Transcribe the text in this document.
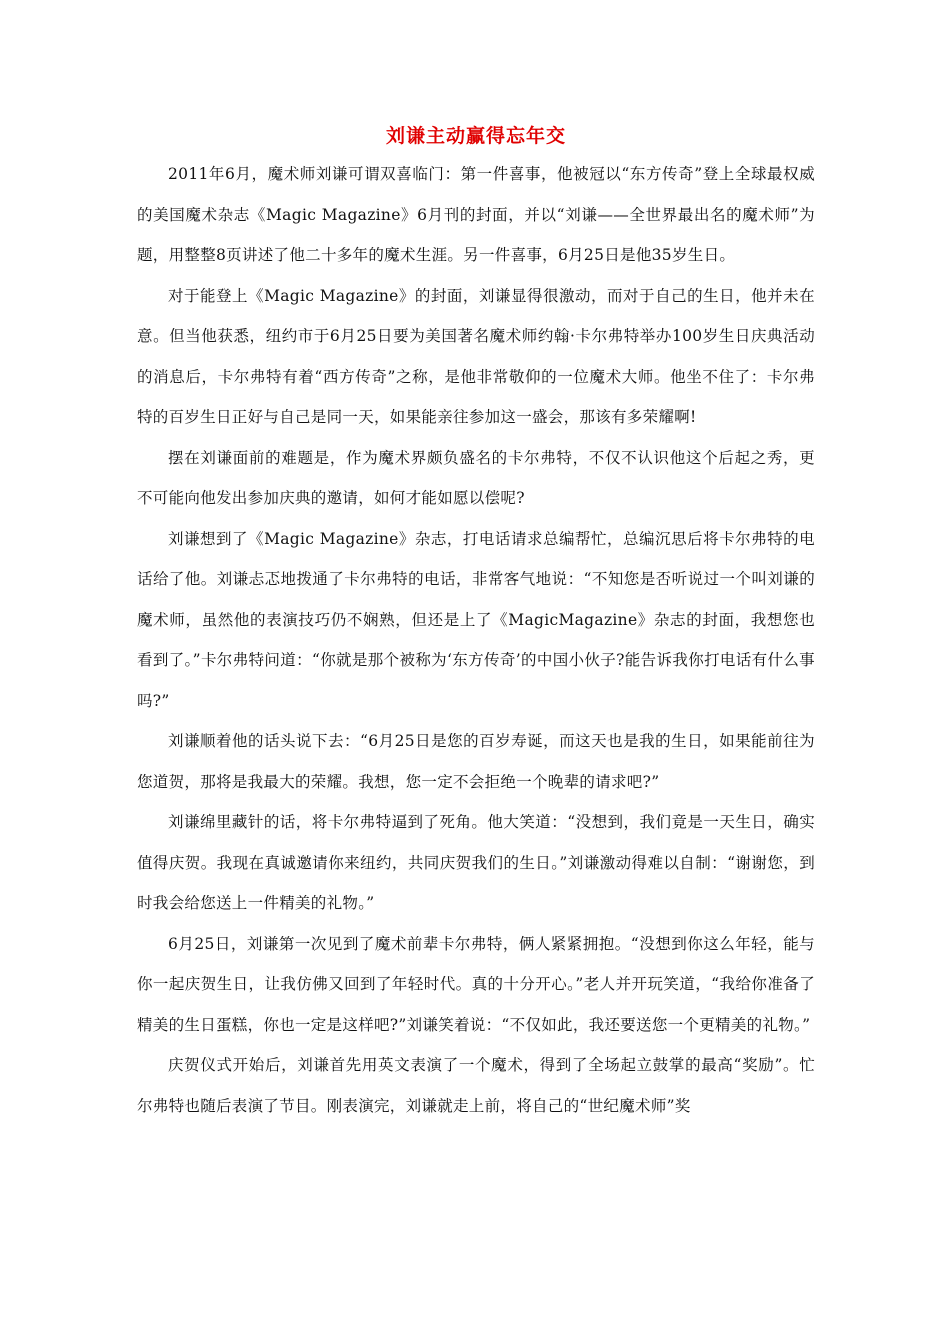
刘谦主动赢得忘年交

2011年6月，魔术师刘谦可谓双喜临门：第一件喜事，他被冠以“东方传奇”登上全球最权威的美国魔术杂志《Magic Magazine》6月刊的封面，并以“刘谦——全世界最出名的魔术师”为题，用整整8页讲述了他二十多年的魔术生涯。另一件喜事，6月25日是他35岁生日。

对于能登上《Magic Magazine》的封面，刘谦显得很激动，而对于自己的生日，他并未在意。但当他获悉，纽约市于6月25日要为美国著名魔术师约翰·卡尔弗特举办100岁生日庆典活动的消息后，卡尔弗特有着“西方传奇”之称，是他非常敬仰的一位魔术大师。他坐不住了：卡尔弗特的百岁生日正好与自己是同一天，如果能亲往参加这一盛会，那该有多荣耀啊!

摆在刘谦面前的难题是，作为魔术界颇负盛名的卡尔弗特，不仅不认识他这个后起之秀，更不可能向他发出参加庆典的邀请，如何才能如愿以偿呢?

刘谦想到了《Magic Magazine》杂志，打电话请求总编帮忙，总编沉思后将卡尔弗特的电话给了他。刘谦忐忑地拨通了卡尔弗特的电话，非常客气地说：“不知您是否听说过一个叫刘谦的魔术师，虽然他的表演技巧仍不娴熟，但还是上了《MagicMagazine》杂志的封面，我想您也看到了。”卡尔弗特问道：“你就是那个被称为‘东方传奇’的中国小伙子?能告诉我你打电话有什么事吗?”

刘谦顺着他的话头说下去：“6月25日是您的百岁寿诞，而这天也是我的生日，如果能前往为您道贺，那将是我最大的荣耀。我想，您一定不会拒绝一个晚辈的请求吧?”

刘谦绵里藏针的话，将卡尔弗特逼到了死角。他大笑道：“没想到，我们竟是一天生日，确实值得庆贺。我现在真诚邀请你来纽约，共同庆贺我们的生日。”刘谦激动得难以自制：“谢谢您，到时我会给您送上一件精美的礼物。”

6月25日，刘谦第一次见到了魔术前辈卡尔弗特，俩人紧紧拥抱。“没想到你这么年轻，能与你一起庆贺生日，让我仿佛又回到了年轻时代。真的十分开心。”老人并开玩笑道，“我给你准备了精美的生日蛋糕，你也一定是这样吧?”刘谦笑着说：“不仅如此，我还要送您一个更精美的礼物。”

庆贺仪式开始后，刘谦首先用英文表演了一个魔术，得到了全场起立鼓掌的最高“奖励”。忙尔弗特也随后表演了节目。刚表演完，刘谦就走上前，将自己的“世纪魔术师”奖
